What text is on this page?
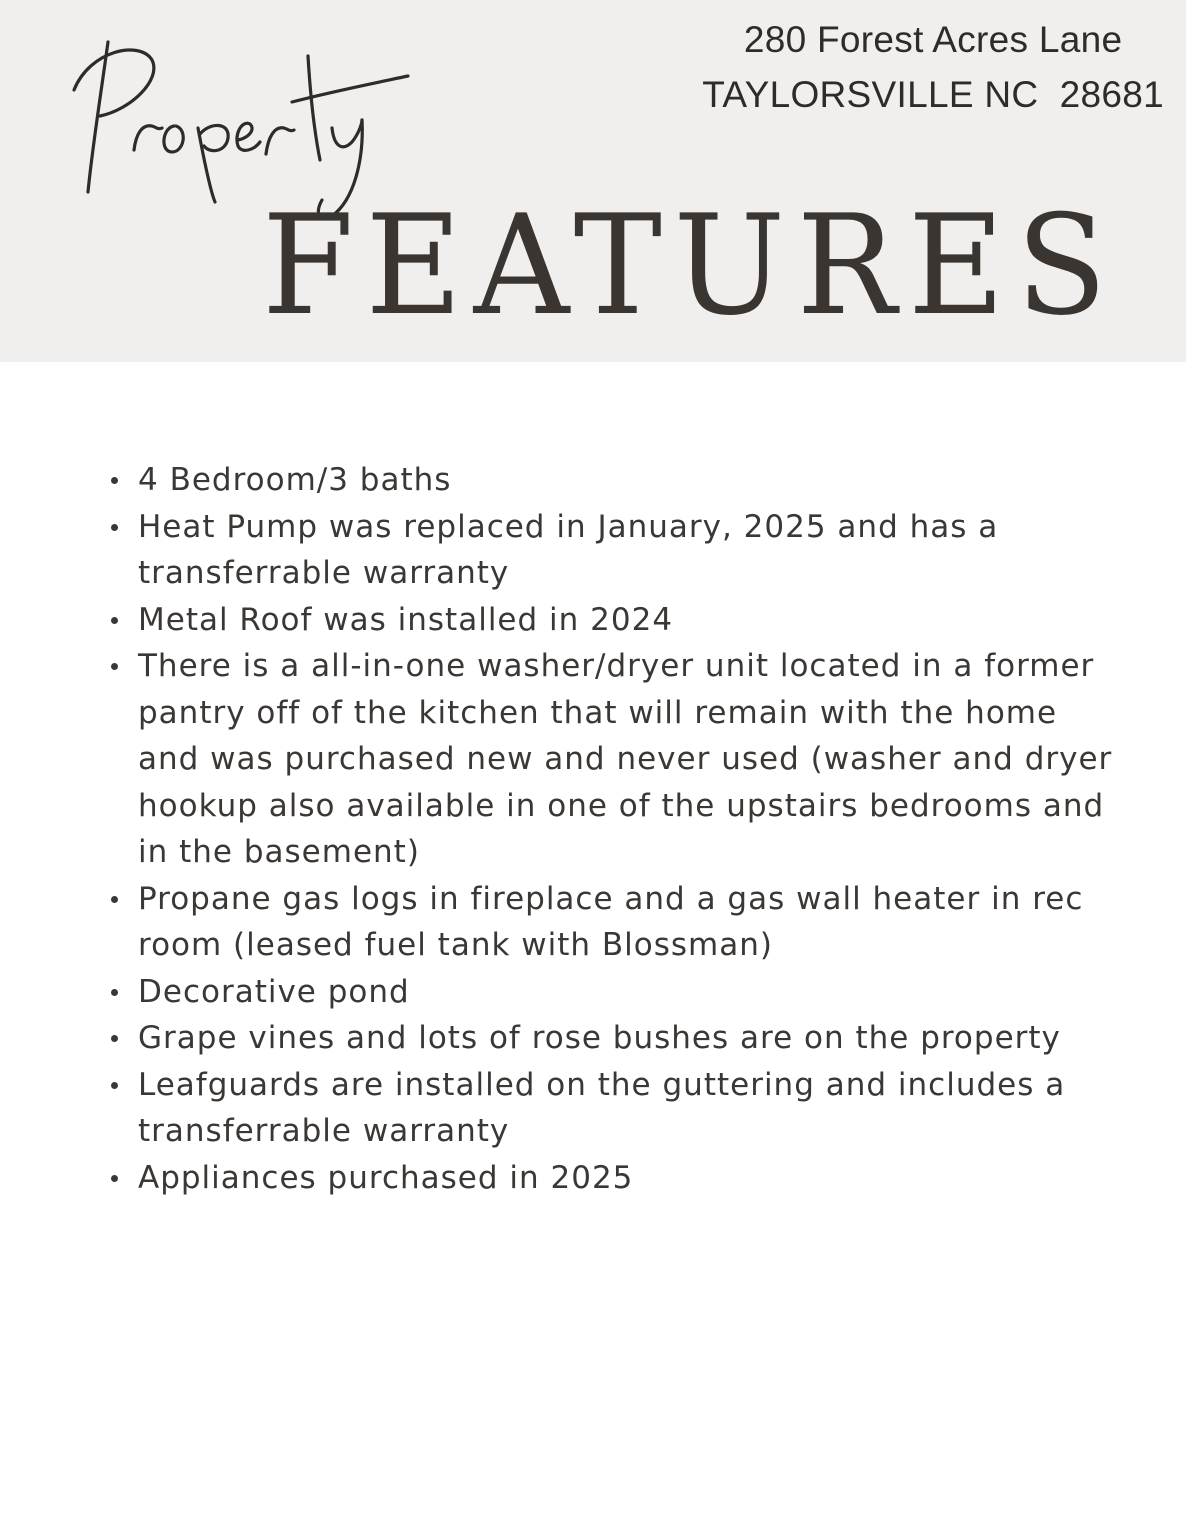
FEATURES
280 Forest Acres Lane
TAYLORSVILLE NC  28681
4 Bedroom/3 baths
Heat Pump was replaced in January, 2025 and has a transferrable warranty
Metal Roof was installed in 2024
There is a all-in-one washer/dryer unit located in a former pantry off of the kitchen that will remain with the home and was purchased new and never used (washer and dryer hookup also available in one of the upstairs bedrooms and in the basement)
Propane gas logs in fireplace and a gas wall heater in rec room (leased fuel tank with Blossman)
Decorative pond
Grape vines and lots of rose bushes are on the property
Leafguards are installed on the guttering and includes a transferrable warranty
Appliances purchased in 2025
